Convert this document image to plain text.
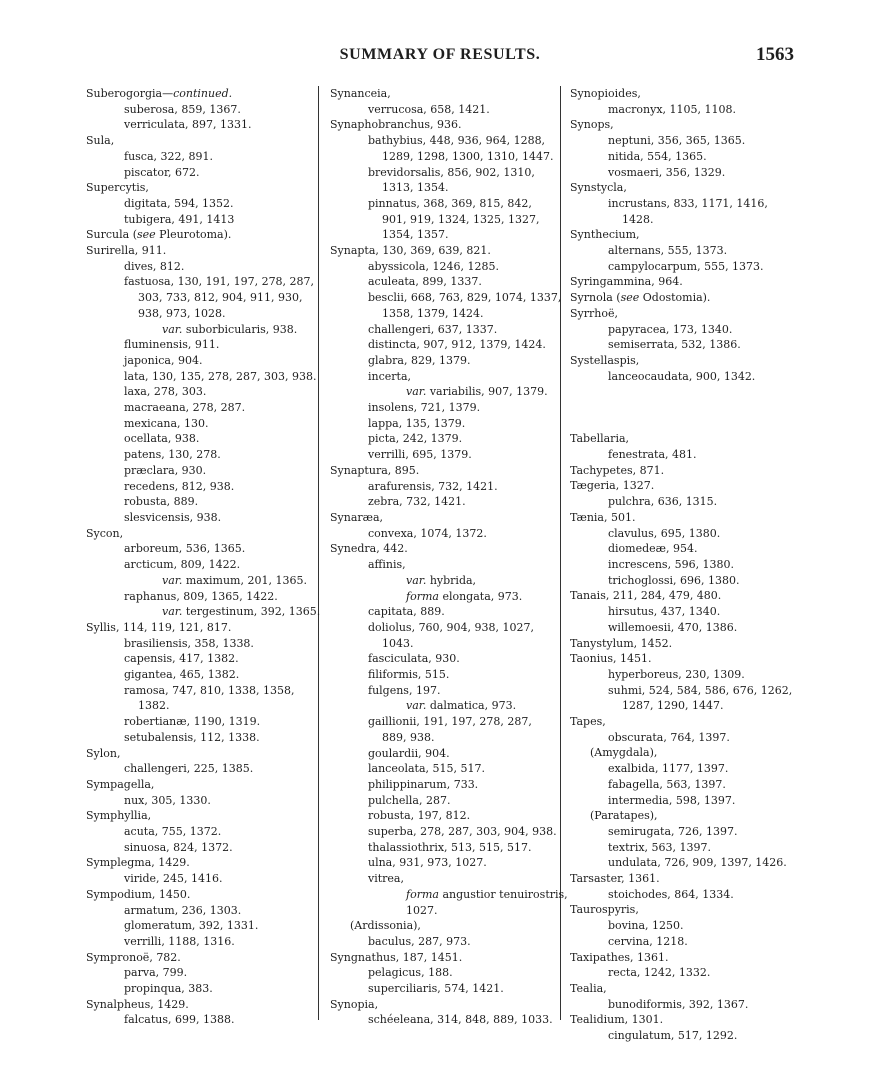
SUMMARY OF RESULTS.	1563
Suberogorgia—continued.
suberosa, 859, 1367.
verriculata, 897, 1331.
Sula,
fusca, 322, 891.
piscator, 672.
Supercytis,
digitata, 594, 1352.
tubigera, 491, 1413
Surcula (see Pleurotoma).
Surirella, 911.
dives, 812.
fastuosa, 130, 191, 197, 278, 287,
303, 733, 812, 904, 911, 930,
938, 973, 1028.
var. suborbicularis, 938.
fluminensis, 911.
japonica, 904.
lata, 130, 135, 278, 287, 303, 938.
laxa, 278, 303.
macraeana, 278, 287.
mexicana, 130.
ocellata, 938.
patens, 130, 278.
præclara, 930.
recedens, 812, 938.
robusta, 889.
slesvicensis, 938.
Sycon,
arboreum, 536, 1365.
arcticum, 809, 1422.
var. maximum, 201, 1365.
raphanus, 809, 1365, 1422.
var. tergestinum, 392, 1365.
Syllis, 114, 119, 121, 817.
brasiliensis, 358, 1338.
capensis, 417, 1382.
gigantea, 465, 1382.
ramosa, 747, 810, 1338, 1358,
1382.
robertianæ, 1190, 1319.
setubalensis, 112, 1338.
Sylon,
challengeri, 225, 1385.
Sympagella,
nux, 305, 1330.
Symphyllia,
acuta, 755, 1372.
sinuosa, 824, 1372.
Symplegma, 1429.
viride, 245, 1416.
Sympodium, 1450.
armatum, 236, 1303.
glomeratum, 392, 1331.
verrilli, 1188, 1316.
Sympronoë, 782.
parva, 799.
propinqua, 383.
Synalpheus, 1429.
falcatus, 699, 1388.
Synanceia,
verrucosa, 658, 1421.
Synaphobranchus, 936.
bathybius, 448, 936, 964, 1288,
1289, 1298, 1300, 1310, 1447.
brevidorsalis, 856, 902, 1310,
1313, 1354.
pinnatus, 368, 369, 815, 842,
901, 919, 1324, 1325, 1327,
1354, 1357.
Synapta, 130, 369, 639, 821.
abyssicola, 1246, 1285.
aculeata, 899, 1337.
besclii, 668, 763, 829, 1074, 1337,
1358, 1379, 1424.
challengeri, 637, 1337.
distincta, 907, 912, 1379, 1424.
glabra, 829, 1379.
incerta,
var. variabilis, 907, 1379.
insolens, 721, 1379.
lappa, 135, 1379.
picta, 242, 1379.
verrilli, 695, 1379.
Synaptura, 895.
arafurensis, 732, 1421.
zebra, 732, 1421.
Synaræa,
convexa, 1074, 1372.
Synedra, 442.
affinis,
var. hybrida,
forma elongata, 973.
capitata, 889.
doliolus, 760, 904, 938, 1027,
1043.
fasciculata, 930.
filiformis, 515.
fulgens, 197.
var. dalmatica, 973.
gaillionii, 191, 197, 278, 287,
889, 938.
goulardii, 904.
lanceolata, 515, 517.
philippinarum, 733.
pulchella, 287.
robusta, 197, 812.
superba, 278, 287, 303, 904, 938.
thalassiothrix, 513, 515, 517.
ulna, 931, 973, 1027.
vitrea,
forma angustior tenuirostris,
1027.
(Ardissonia),
baculus, 287, 973.
Syngnathus, 187, 1451.
pelagicus, 188.
superciliaris, 574, 1421.
Synopia,
schéeleana, 314, 848, 889, 1033.
Synopioides,
macronyx, 1105, 1108.
Synops,
neptuni, 356, 365, 1365.
nitida, 554, 1365.
vosmaeri, 356, 1329.
Synstycla,
incrustans, 833, 1171, 1416,
1428.
Synthecium,
alternans, 555, 1373.
campylocarpum, 555, 1373.
Syringammina, 964.
Syrnola (see Odostomia).
Syrrhoë,
papyracea, 173, 1340.
semiserrata, 532, 1386.
Systellaspis,
lanceocaudata, 900, 1342.
Tabellaria,
fenestrata, 481.
Tachypetes, 871.
Tægeria, 1327.
pulchra, 636, 1315.
Tænia, 501.
clavulus, 695, 1380.
diomedeæ, 954.
increscens, 596, 1380.
trichoglossi, 696, 1380.
Tanais, 211, 284, 479, 480.
hirsutus, 437, 1340.
willemoesii, 470, 1386.
Tanystylum, 1452.
Taonius, 1451.
hyperboreus, 230, 1309.
suhmi, 524, 584, 586, 676, 1262,
1287, 1290, 1447.
Tapes,
obscurata, 764, 1397.
(Amygdala),
exalbida, 1177, 1397.
fabagella, 563, 1397.
intermedia, 598, 1397.
(Paratapes),
semirugata, 726, 1397.
textrix, 563, 1397.
undulata, 726, 909, 1397, 1426.
Tarsaster, 1361.
stoichodes, 864, 1334.
Taurospyris,
bovina, 1250.
cervina, 1218.
Taxipathes, 1361.
recta, 1242, 1332.
Tealia,
bunodiformis, 392, 1367.
Tealidium, 1301.
cingulatum, 517, 1292.
